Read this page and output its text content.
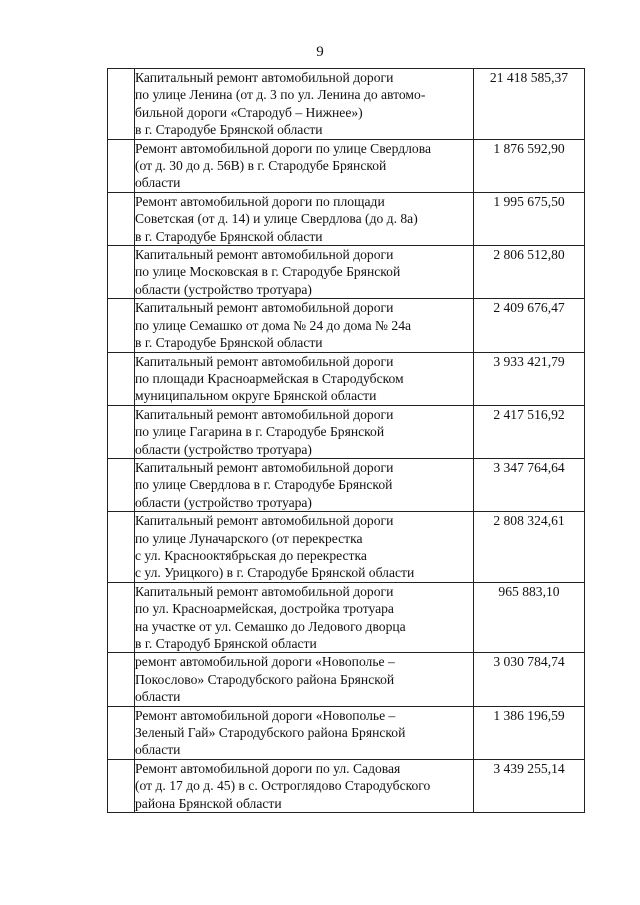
9

	Капитальный ремонт автомобильной дороги
по улице Ленина (от д. 3 по ул. Ленина до автомо-
бильной дороги «Стародуб – Нижнее»)
в г. Стародубе Брянской области	21 418 585,37

	Ремонт автомобильной дороги по улице Свердлова
(от д. 30 до д. 56В) в г. Стародубе Брянской
области	1 876 592,90

	Ремонт автомобильной дороги по площади
Советская (от д. 14) и улице Свердлова (до д. 8а)
в г. Стародубе Брянской области	1 995 675,50

	Капитальный ремонт автомобильной дороги
по улице Московская в г. Стародубе Брянской
области (устройство тротуара)	2 806 512,80

	Капитальный ремонт автомобильной дороги
по улице Семашко от дома № 24 до дома № 24а
в г. Стародубе Брянской области	2 409 676,47

	Капитальный ремонт автомобильной дороги
по площади Красноармейская в Стародубском
муниципальном округе Брянской области	3 933 421,79

	Капитальный ремонт автомобильной дороги
по улице Гагарина в г. Стародубе Брянской
области (устройство тротуара)	2 417 516,92

	Капитальный ремонт автомобильной дороги
по улице Свердлова в г. Стародубе Брянской
области (устройство тротуара)	3 347 764,64

	Капитальный ремонт автомобильной дороги
по улице Луначарского (от перекрестка
с ул. Краснооктябрьская до перекрестка
с ул. Урицкого) в г. Стародубе Брянской области	2 808 324,61

	Капитальный ремонт автомобильной дороги
по ул. Красноармейская, достройка тротуара
на участке от ул. Семашко до Ледового дворца
в г. Стародуб Брянской области	965 883,10

	ремонт автомобильной дороги «Новополье –
Покослово» Стародубского района Брянской
области	3 030 784,74

	Ремонт автомобильной дороги «Новополье –
Зеленый Гай» Стародубского района Брянской
области	1 386 196,59

	Ремонт автомобильной дороги по ул. Садовая
(от д. 17 до д. 45) в с. Остроглядово Стародубского
района Брянской области	3 439 255,14
